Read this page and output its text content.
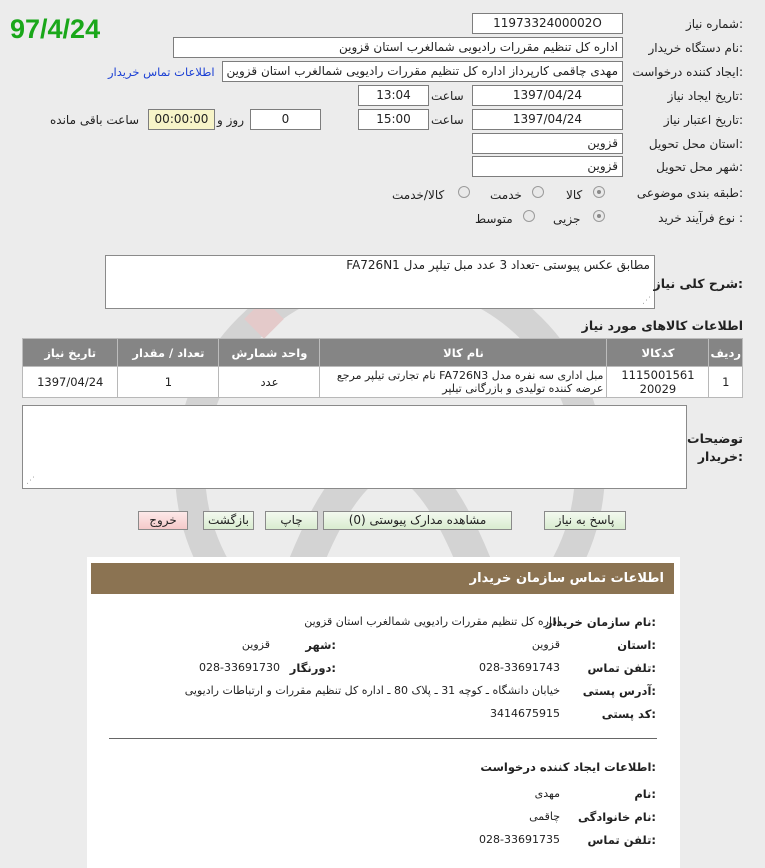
97/4/24	شماره نیاز:
1197332400002O
نام دستگاه خریدار:
اداره کل تنظیم مقررات رادیویی شمالغرب استان قزوین
ایجاد کننده درخواست:
مهدی چاقمی کارپرداز اداره کل تنظیم مقررات رادیویی شمالغرب استان قزوین
اطلاعات تماس خریدار
تاریخ ایجاد نیاز:
1397/04/24
ساعت
13:04
تاریخ اعتبار نیاز:
1397/04/24
ساعت
15:00
0
روز و
00:00:00
ساعت باقی مانده
استان محل تحویل:
قزوین
شهر محل تحویل:
قزوین
طبقه بندی موضوعی:
کالا
خدمت
کالا/خدمت
نوع فرآیند خرید :
جزیی
متوسط
مطابق عکس پیوستی -تعداد 3 عدد مبل تیلپر مدل FA726N1
⋰
شرح کلی نیاز:
اطلاعات کالاهای مورد نیاز
ردیف	کدکالا	نام کالا	واحد شمارش	تعداد / مقدار	تاریخ نیاز
1	1115001561 20029	مبل اداری سه نفره مدل FA726N3 نام تجارتی تیلپر مرجع عرضه کننده تولیدی و بازرگانی تیلپر	عدد	1	1397/04/24
⋰
توضیحات خریدار:
پاسخ به نیاز
مشاهده مدارک پیوستی (0)
چاپ
بازگشت
خروج
اطلاعات تماس سازمان خریدار
نام سازمان خریدار:
اداره کل تنظیم مقررات رادیویی شمالغرب استان قزوین
استان:
قزوین
شهر:
قزوین
تلفن تماس:
028-33691743
دورنگار:
028-33691730
آدرس پستی:
خیابان دانشگاه ـ کوچه 31 ـ پلاک 80 ـ اداره کل تنظیم مقررات و ارتباطات رادیویی
کد پستی:
3414675915
اطلاعات ایجاد کننده درخواست:
نام:
مهدی
نام خانوادگی:
چاقمی
تلفن تماس:
028-33691735
